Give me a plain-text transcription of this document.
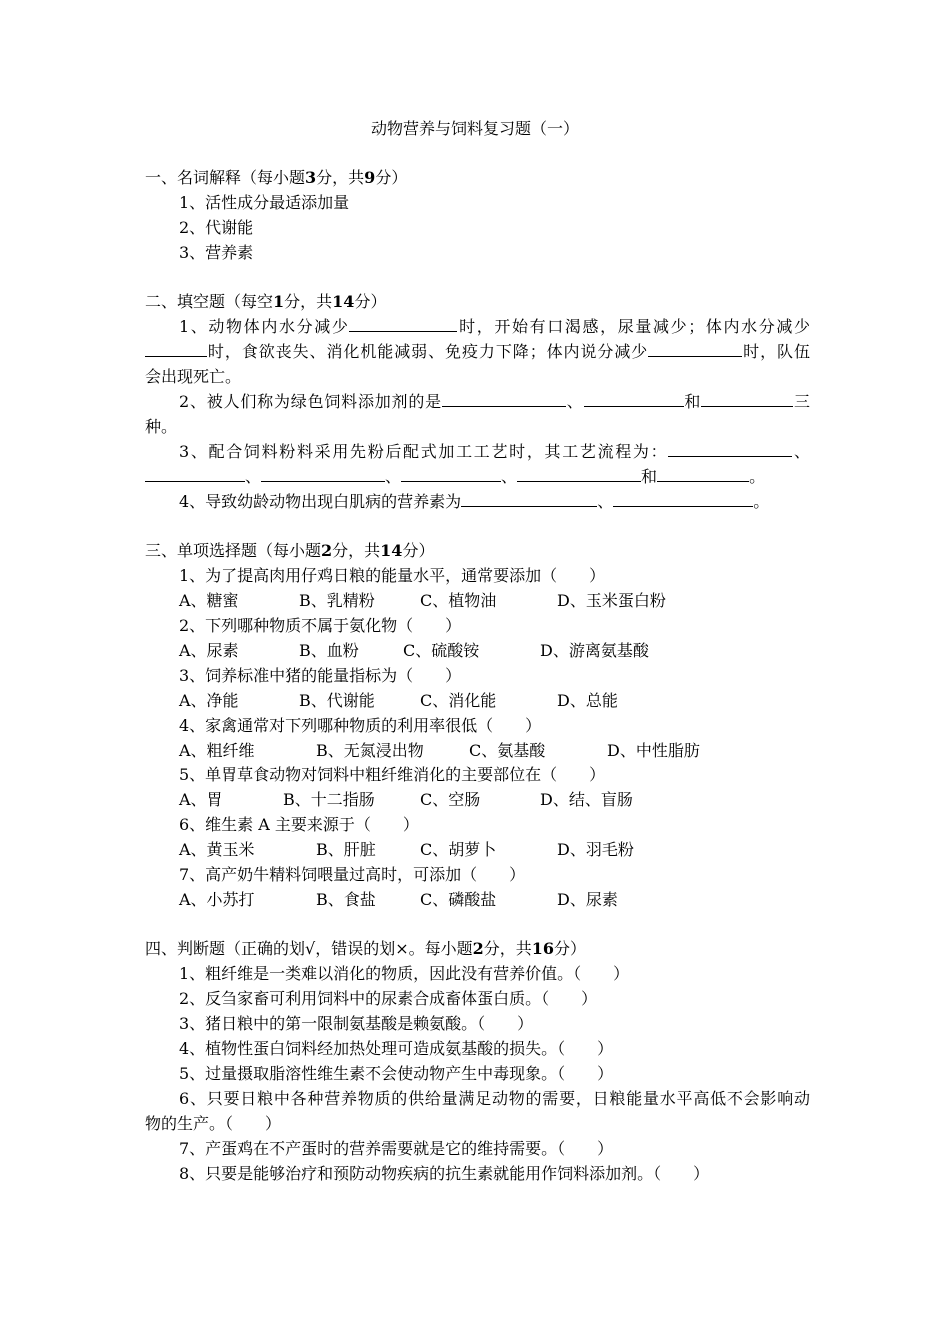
动物营养与饲料复习题（一）
一、名词解释（每小题3分，共9分）
1、活性成分最适添加量
2、代谢能
3、营养素
二、填空题（每空1分，共14分）
1、动物体内水分减少	时，开始有口渴感，尿量减少；体内水分减少
时，食欲丧失、消化机能减弱、免疫力下降；体内说分减少	时，队伍
会出现死亡。
2、被人们称为绿色饲料添加剂的是	、	和	三
种。
3、配合饲料粉料采用先粉后配式加工工艺时，其工艺流程为：	、
、	、	、	和	。
4、导致幼龄动物出现白肌病的营养素为	、	。
三、单项选择题（每小题2分，共14分）
1、为了提高肉用仔鸡日粮的能量水平，通常要添加（　　）
A、糖蜜	B、乳精粉	C、植物油	D、玉米蛋白粉
2、下列哪种物质不属于氨化物（　　）
A、尿素	B、血粉	C、硫酸铵	D、游离氨基酸
3、饲养标准中猪的能量指标为（　　）
A、净能	B、代谢能	C、消化能	D、总能
4、家禽通常对下列哪种物质的利用率很低（　　）
A、粗纤维	B、无氮浸出物	C、氨基酸	D、中性脂肪
5、单胃草食动物对饲料中粗纤维消化的主要部位在（　　）
A、胃	B、十二指肠	C、空肠	D、结、盲肠
6、维生素 A 主要来源于（　　）
A、黄玉米	B、肝脏	C、胡萝卜	D、羽毛粉
7、高产奶牛精料饲喂量过高时，可添加（　　）
A、小苏打	B、食盐	C、磷酸盐	D、尿素
四、判断题（正确的划√，错误的划×。每小题2分，共16分）
1、粗纤维是一类难以消化的物质，因此没有营养价值。（　　）
2、反刍家畜可利用饲料中的尿素合成畜体蛋白质。（　　）
3、猪日粮中的第一限制氨基酸是赖氨酸。（　　）
4、植物性蛋白饲料经加热处理可造成氨基酸的损失。（　　）
5、过量摄取脂溶性维生素不会使动物产生中毒现象。（　　）
6、只要日粮中各种营养物质的供给量满足动物的需要，日粮能量水平高低不会影响动
物的生产。（　　）
7、产蛋鸡在不产蛋时的营养需要就是它的维持需要。（　　）
8、只要是能够治疗和预防动物疾病的抗生素就能用作饲料添加剂。（　　）
